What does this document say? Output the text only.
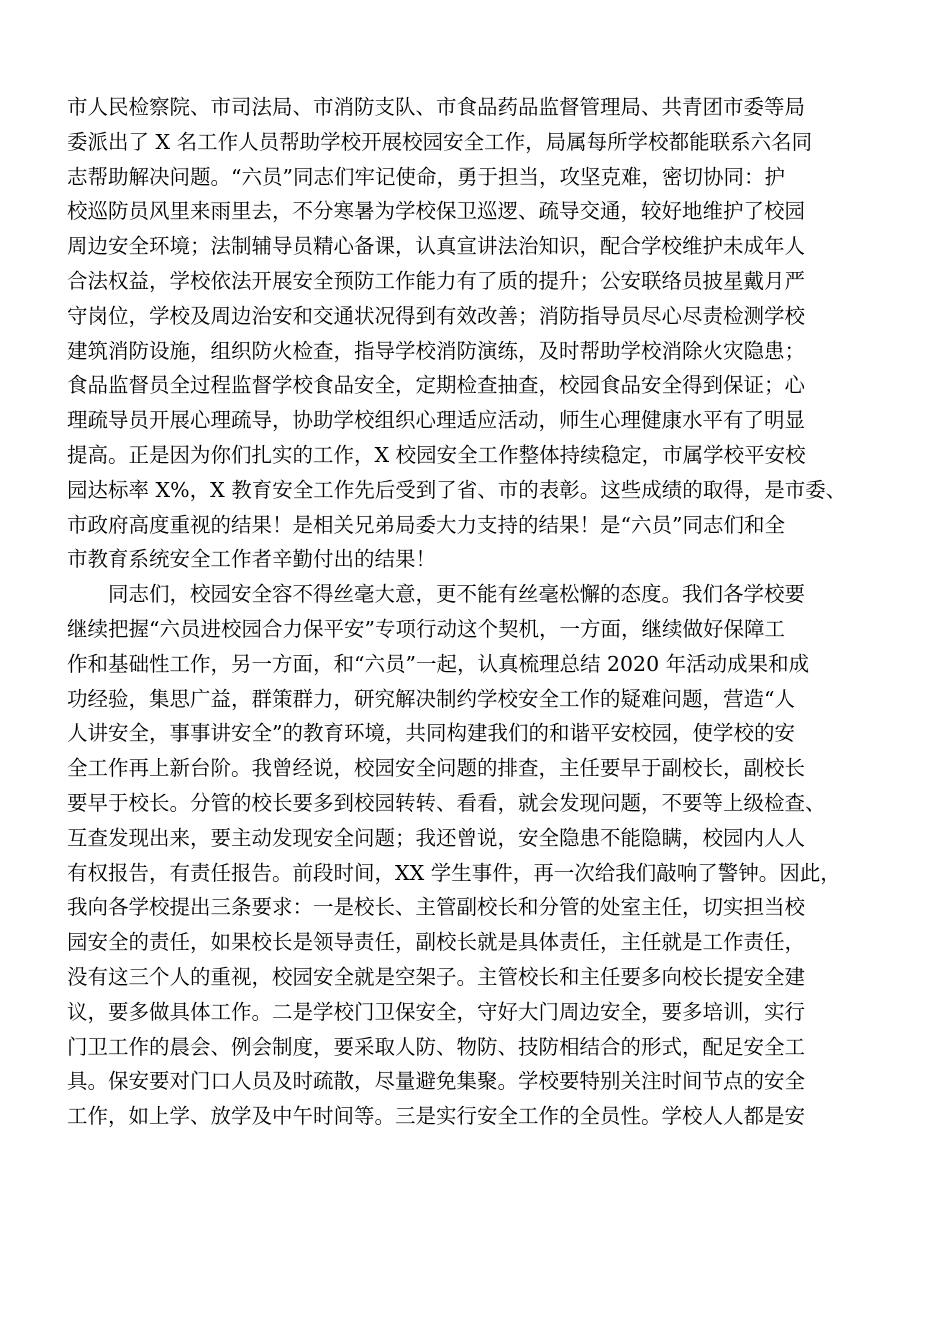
市人民检察院、市司法局、市消防支队、市食品药品监督管理局、共青团市委等局
委派出了 X 名工作人员帮助学校开展校园安全工作，局属每所学校都能联系六名同
志帮助解决问题。“六员”同志们牢记使命，勇于担当，攻坚克难，密切协同：护
校巡防员风里来雨里去，不分寒暑为学校保卫巡逻、疏导交通，较好地维护了校园
周边安全环境；法制辅导员精心备课，认真宣讲法治知识，配合学校维护未成年人
合法权益，学校依法开展安全预防工作能力有了质的提升；公安联络员披星戴月严
守岗位，学校及周边治安和交通状况得到有效改善；消防指导员尽心尽责检测学校
建筑消防设施，组织防火检查，指导学校消防演练，及时帮助学校消除火灾隐患；
食品监督员全过程监督学校食品安全，定期检查抽查，校园食品安全得到保证；心
理疏导员开展心理疏导，协助学校组织心理适应活动，师生心理健康水平有了明显
提高。正是因为你们扎实的工作，X 校园安全工作整体持续稳定，市属学校平安校
园达标率 X%，X 教育安全工作先后受到了省、市的表彰。这些成绩的取得，是市委、
市政府高度重视的结果！是相关兄弟局委大力支持的结果！是“六员”同志们和全
市教育系统安全工作者辛勤付出的结果！
同志们，校园安全容不得丝毫大意，更不能有丝毫松懈的态度。我们各学校要
继续把握“六员进校园合力保平安”专项行动这个契机，一方面，继续做好保障工
作和基础性工作，另一方面，和“六员”一起，认真梳理总结 2020 年活动成果和成
功经验，集思广益，群策群力，研究解决制约学校安全工作的疑难问题，营造“人
人讲安全，事事讲安全”的教育环境，共同构建我们的和谐平安校园，使学校的安
全工作再上新台阶。我曾经说，校园安全问题的排查，主任要早于副校长，副校长
要早于校长。分管的校长要多到校园转转、看看，就会发现问题，不要等上级检查、
互查发现出来，要主动发现安全问题；我还曾说，安全隐患不能隐瞒，校园内人人
有权报告，有责任报告。前段时间，XX 学生事件，再一次给我们敲响了警钟。因此，
我向各学校提出三条要求：一是校长、主管副校长和分管的处室主任，切实担当校
园安全的责任，如果校长是领导责任，副校长就是具体责任，主任就是工作责任，
没有这三个人的重视，校园安全就是空架子。主管校长和主任要多向校长提安全建
议，要多做具体工作。二是学校门卫保安全，守好大门周边安全，要多培训，实行
门卫工作的晨会、例会制度，要采取人防、物防、技防相结合的形式，配足安全工
具。保安要对门口人员及时疏散，尽量避免集聚。学校要特别关注时间节点的安全
工作，如上学、放学及中午时间等。三是实行安全工作的全员性。学校人人都是安
